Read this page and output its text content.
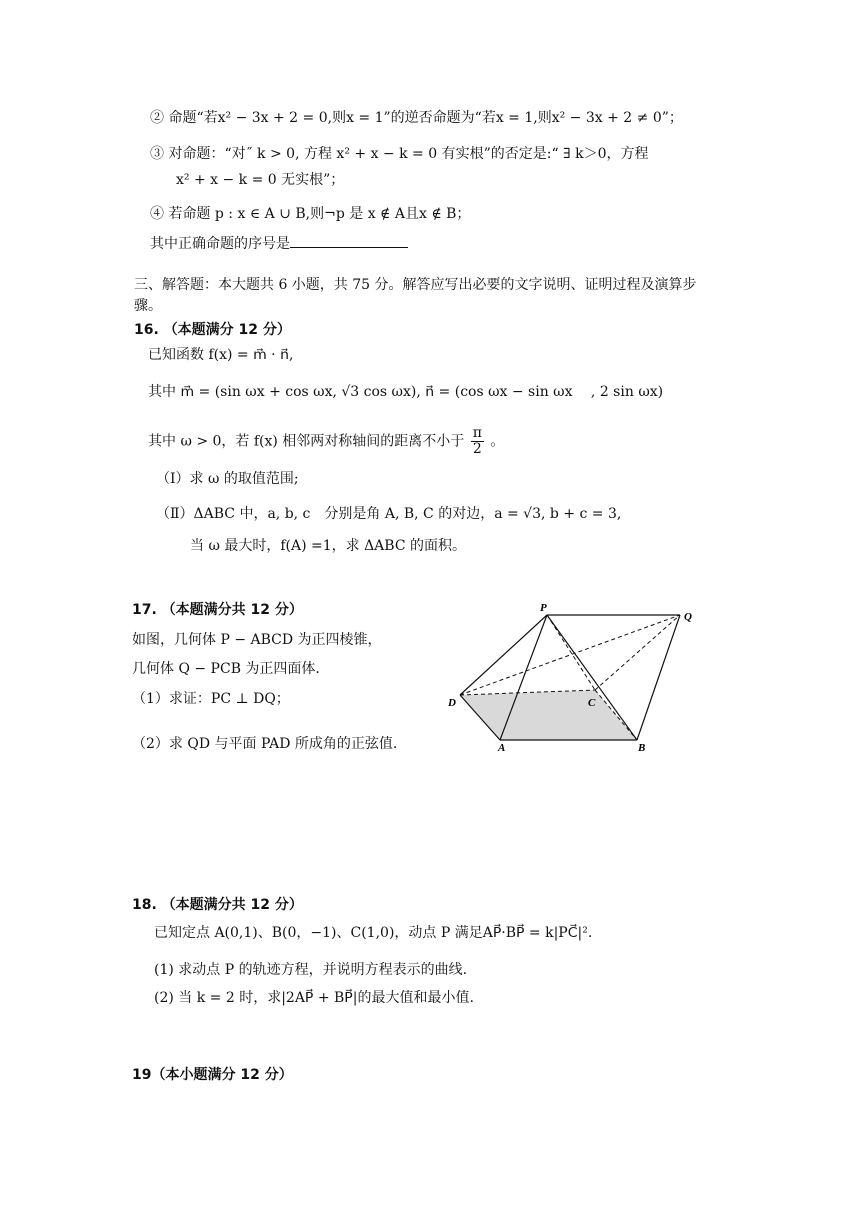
② 命题“若x² − 3x + 2 = 0,则x = 1”的逆否命题为“若x = 1,则x² − 3x + 2 ≠ 0”；
③ 对命题：“对˝ k > 0, 方程 x² + x − k = 0 有实根”的否定是:“ ∃ k＞0，方程
x² + x − k = 0 无实根”；
④ 若命题 p : x ∈ A ∪ B,则¬p 是 x ∉ A且x ∉ B；
其中正确命题的序号是
三、解答题：本大题共 6 小题，共 75 分。解答应写出必要的文字说明、证明过程及演算步
骤。
16. （本题满分 12 分）
已知函数 f(x) = m⃗ · n⃗,
其中 m⃗ = (sin ωx + cos ωx, √3 cos ωx), n⃗ = (cos ωx − sin ωx　 , 2 sin ωx)
其中 ω > 0，若 f(x) 相邻两对称轴间的距离不小于 $\frac{\pi}{2}$ 。
（I）求 ω 的取值范围;
（Ⅱ）ΔABC 中，a, b, c　分别是角 A, B, C 的对边，a = √3, b + c = 3,
当 ω 最大时，f(A) =1，求 ΔABC 的面积。
17. （本题满分共 12 分）
如图，几何体 P − ABCD 为正四棱锥，
几何体 Q − PCB 为正四面体.
（1）求证：PC ⊥ DQ；
（2）求 QD 与平面 PAD 所成角的正弦值.
P
Q
D	C
A	B
18. （本题满分共 12 分）
已知定点 A(0,1)、B(0，−1)、C(1,0)，动点 P 满足AP⃗·BP⃗ = k|PC⃗|².
(1) 求动点 P 的轨迹方程，并说明方程表示的曲线.
(2) 当 k = 2 时，求|2AP⃗ + BP⃗|的最大值和最小值.
19（本小题满分 12 分）
